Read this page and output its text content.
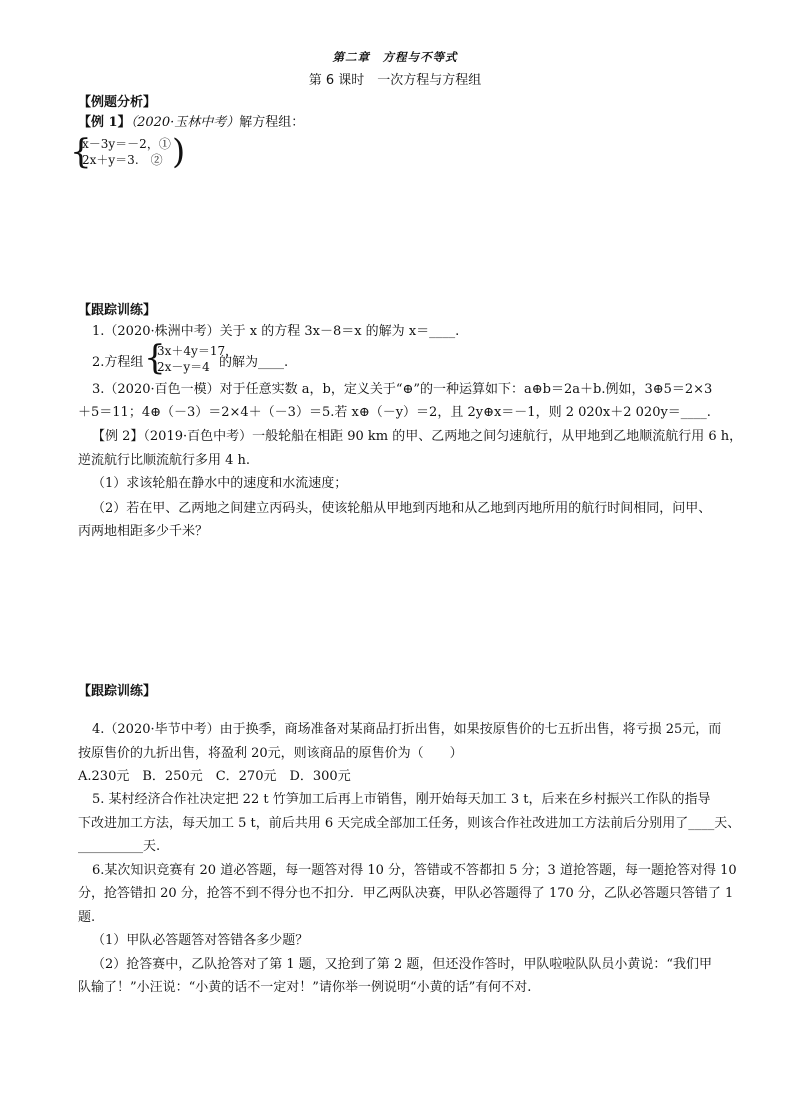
第二章　方程与不等式
第 6 课时　一次方程与方程组
【例题分析】
【例 1】（2020·玉林中考）解方程组：
{
x－3y＝－2，①
2x＋y＝3.　② )
【跟踪训练】
1.（2020·株洲中考）关于 x 的方程 3x－8＝x 的解为 x＝____.
2.方程组 {
3x＋4y＝17，
2x－y＝4 的解为____.
3.（2020·百色一模）对于任意实数 a，b，定义关于“⊕”的一种运算如下：a⊕b＝2a＋b.例如，3⊕5＝2×3
＋5＝11；4⊕（－3）＝2×4＋（－3）＝5.若 x⊕（－y）＝2，且 2y⊕x＝－1，则 2 020x＋2 020y＝____.
【例 2】（2019·百色中考）一般轮船在相距 90 km 的甲、乙两地之间匀速航行，从甲地到乙地顺流航行用 6 h，
逆流航行比顺流航行多用 4 h.
（1）求该轮船在静水中的速度和水流速度；
（2）若在甲、乙两地之间建立丙码头，使该轮船从甲地到丙地和从乙地到丙地所用的航行时间相同，问甲、
丙两地相距多少千米？
【跟踪训练】
4.（2020·毕节中考）由于换季，商场准备对某商品打折出售，如果按原售价的七五折出售，将亏损 25元，而
按原售价的九折出售，将盈利 20元，则该商品的原售价为（　　）
A.230元　B．250元　C．270元　D．300元
5. 某村经济合作社决定把 22 t 竹笋加工后再上市销售，刚开始每天加工 3 t，后来在乡村振兴工作队的指导
下改进加工方法，每天加工 5 t，前后共用 6 天完成全部加工任务，则该合作社改进加工方法前后分别用了____天、
__________天.
6.某次知识竞赛有 20 道必答题，每一题答对得 10 分，答错或不答都扣 5 分；3 道抢答题，每一题抢答对得 10
分，抢答错扣 20 分，抢答不到不得分也不扣分．甲乙两队决赛，甲队必答题得了 170 分，乙队必答题只答错了 1
题.
（1）甲队必答题答对答错各多少题？
（2）抢答赛中，乙队抢答对了第 1 题，又抢到了第 2 题，但还没作答时，甲队啦啦队队员小黄说：“我们甲
队输了！”小汪说：“小黄的话不一定对！”请你举一例说明“小黄的话”有何不对.
